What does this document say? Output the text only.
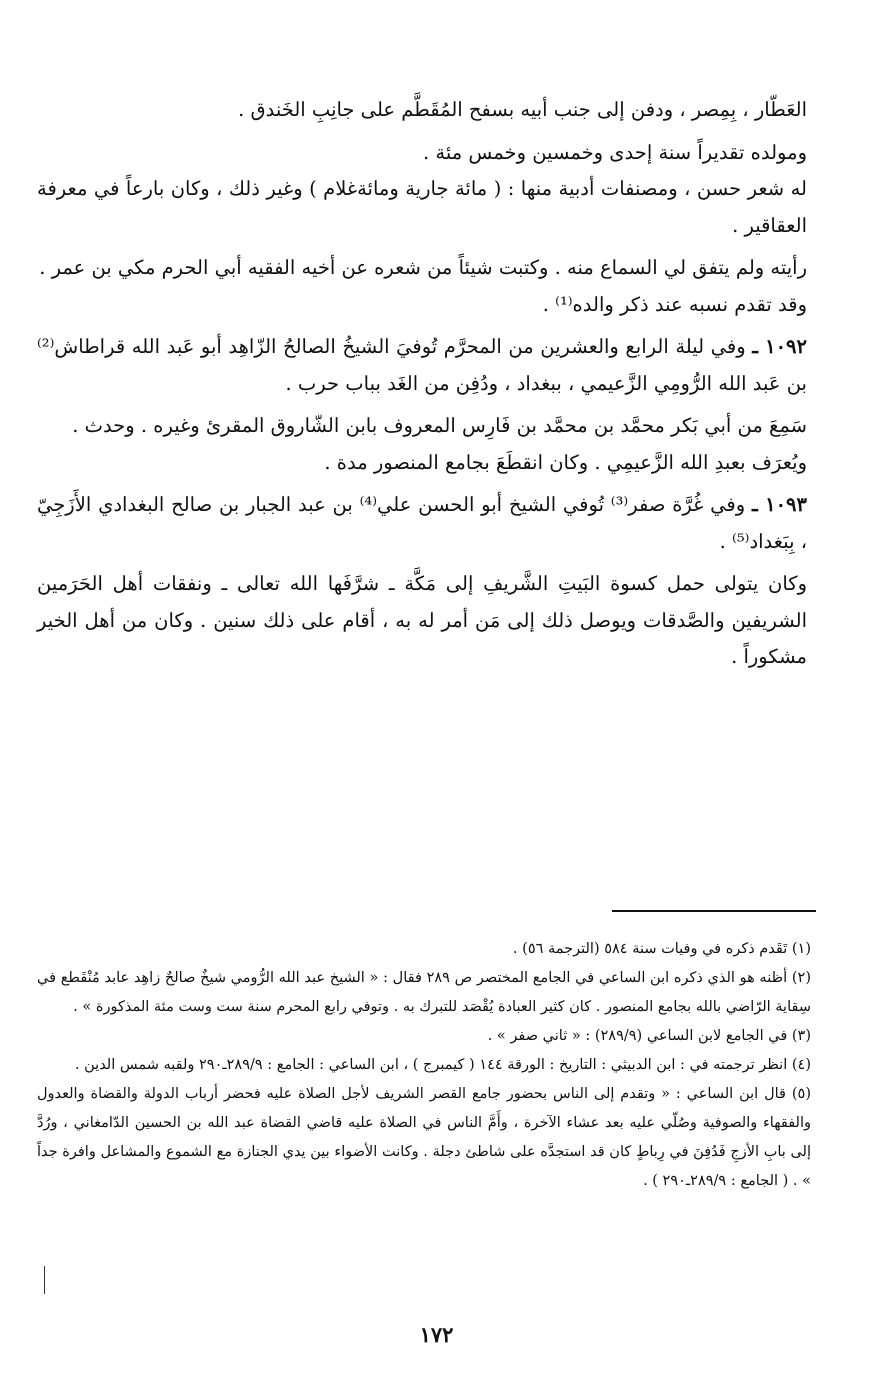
العَطّار ، بِمِصر ، ودفن إلى جنب أبيه بسفح المُقَطَّم على جانِبِ الخَندق .

ومولده تقديراً سنة إحدى وخمسين وخمس مئة .

له شعر حسن ، ومصنفات أدبية منها : ( مائة جارية ومائةغلام ) وغير ذلك ، وكان بارعاً في معرفة العقاقير .

رأيته ولم يتفق لي السماع منه . وكتبت شيئاً من شعره عن أخيه الفقيه أبي الحرم مكي بن عمر .

وقد تقدم نسبه عند ذكر والده⁽¹⁾ .

١٠٩٢ ـ وفي ليلة الرابع والعشرين من المحرَّم تُوفيَ الشيخُ الصالحُ الزّاهِد أبو عَبد الله قراطاش⁽²⁾ بن عَبد الله الرُّومِي الزَّعيمي ، ببغداد ، ودُفِن من الغَد بباب حرب .

سَمِعَ من أبي بَكر محمَّد بن محمَّد بن فَارِس المعروف بابن الشّاروق المقرئ وغيره . وحدث .

ويُعرَف بعبدِ الله الزَّعيمِي . وكان انقطَعَ بجامع المنصور مدة .

١٠٩٣ ـ وفي غُرَّة صفر⁽³⁾ تُوفي الشيخ أبو الحسن علي⁽⁴⁾ بن عبد الجبار بن صالح البغدادي الأَزَجِيّ ، بِبَغداد⁽⁵⁾ .

وكان يتولى حمل كسوة البَيتِ الشَّريفِ إلى مَكَّة ـ شرَّفَها الله تعالى ـ ونفقات أهل الحَرَمين الشريفين والصَّدقات ويوصل ذلك إلى مَن أمر له به ، أقام على ذلك سنين . وكان من أهل الخير مشكوراً .

(١) تَقَدم ذكره في وفيات سنة ٥٨٤ (الترجمة ٥٦) .

(٢) أظنه هو الذي ذكره ابن الساعي في الجامع المختصر ص ٢٨٩ فقال : « الشيخ عبد الله الرُّومي شيخٌ صالحٌ زاهِد عابد مُنْقَطع في سِقاية الرّاضي بالله بجامع المنصور . كان كثير العبادة يُقْصَد للتبرك به . وتوفي رابع المحرم سنة ست وست مئة المذكورة » .

(٣) في الجامع لابن الساعي (٢٨٩/٩) : « ثاني صفر » .

(٤) انظر ترجمته في : ابن الدبيثي : التاريخ : الورقة ١٤٤ ( كيمبرج ) ، ابن الساعي : الجامع : ٢٨٩/٩ـ٢٩٠ ولقبه شمس الدين .

(٥) قال ابن الساعي : « وتقدم إلى الناس بحضور جامع القصر الشريف لأجل الصلاة عليه فحضر أرباب الدولة والقضاة والعدول والفقهاء والصوفية وصُلّي عليه بعد عشاء الآخرة ، وأَمَّ الناس في الصلاة عليه قاضي القضاة عبد الله بن الحسين الدّامغاني ، ورُدَّ إلى بابِ الأزجِ فَدُفِنَ في رِباطٍ كان قد استجدَّه على شاطئ دجلة . وكانت الأضواء بين يدي الجنازة مع الشموع والمشاعل وافرة جداً » . ( الجامع : ٢٨٩/٩ـ٢٩٠ ) .

١٧٢
